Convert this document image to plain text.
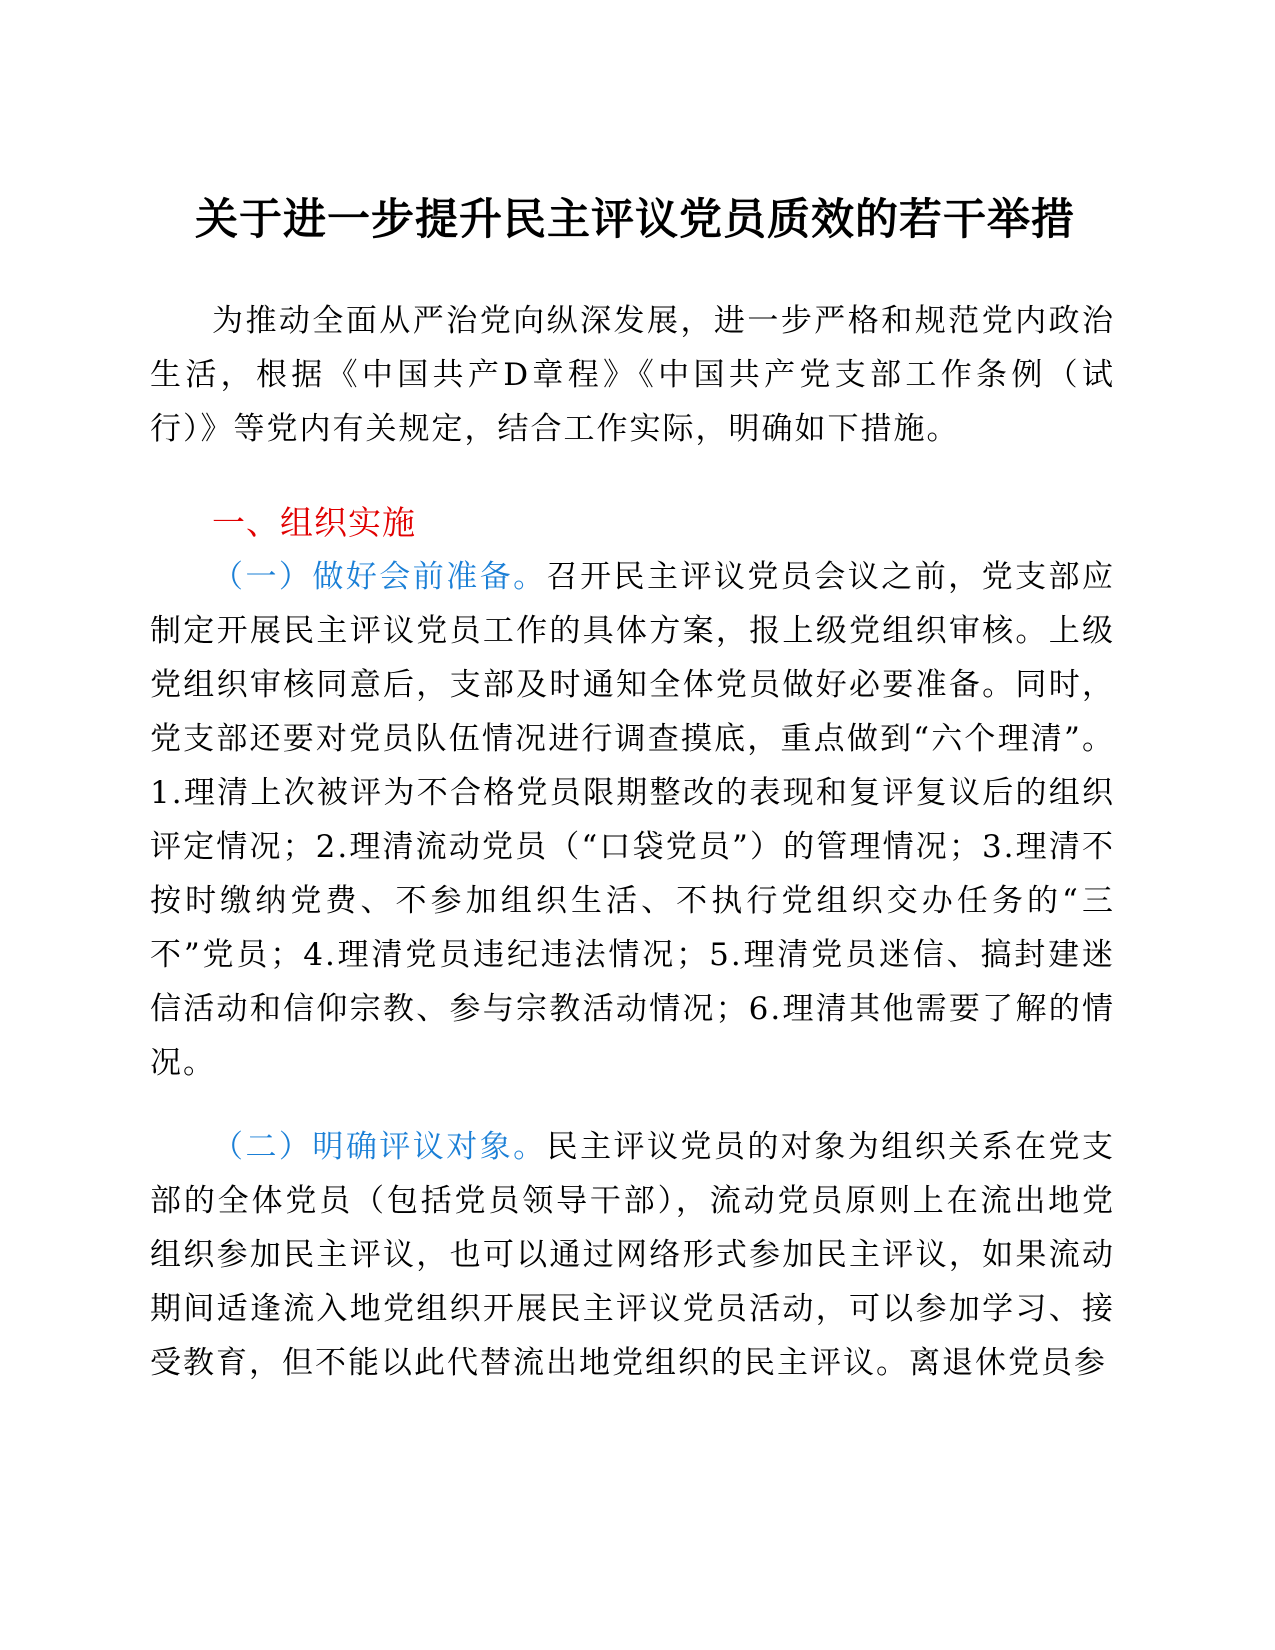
关于进一步提升民主评议党员质效的若干举措

为推动全面从严治党向纵深发展，进一步严格和规范党内政治生活，根据《中国共产D章程》《中国共产党支部工作条例（试行）》等党内有关规定，结合工作实际，明确如下措施。

一、组织实施

（一）做好会前准备。召开民主评议党员会议之前，党支部应制定开展民主评议党员工作的具体方案，报上级党组织审核。上级党组织审核同意后，支部及时通知全体党员做好必要准备。同时，党支部还要对党员队伍情况进行调查摸底，重点做到“六个理清”。1.理清上次被评为不合格党员限期整改的表现和复评复议后的组织评定情况；2.理清流动党员（“口袋党员”）的管理情况；3.理清不按时缴纳党费、不参加组织生活、不执行党组织交办任务的“三不”党员；4.理清党员违纪违法情况；5.理清党员迷信、搞封建迷信活动和信仰宗教、参与宗教活动情况；6.理清其他需要了解的情况。

（二）明确评议对象。民主评议党员的对象为组织关系在党支部的全体党员（包括党员领导干部），流动党员原则上在流出地党组织参加民主评议，也可以通过网络形式参加民主评议，如果流动期间适逢流入地党组织开展民主评议党员活动，可以参加学习、接受教育，但不能以此代替流出地党组织的民主评议。离退休党员参
